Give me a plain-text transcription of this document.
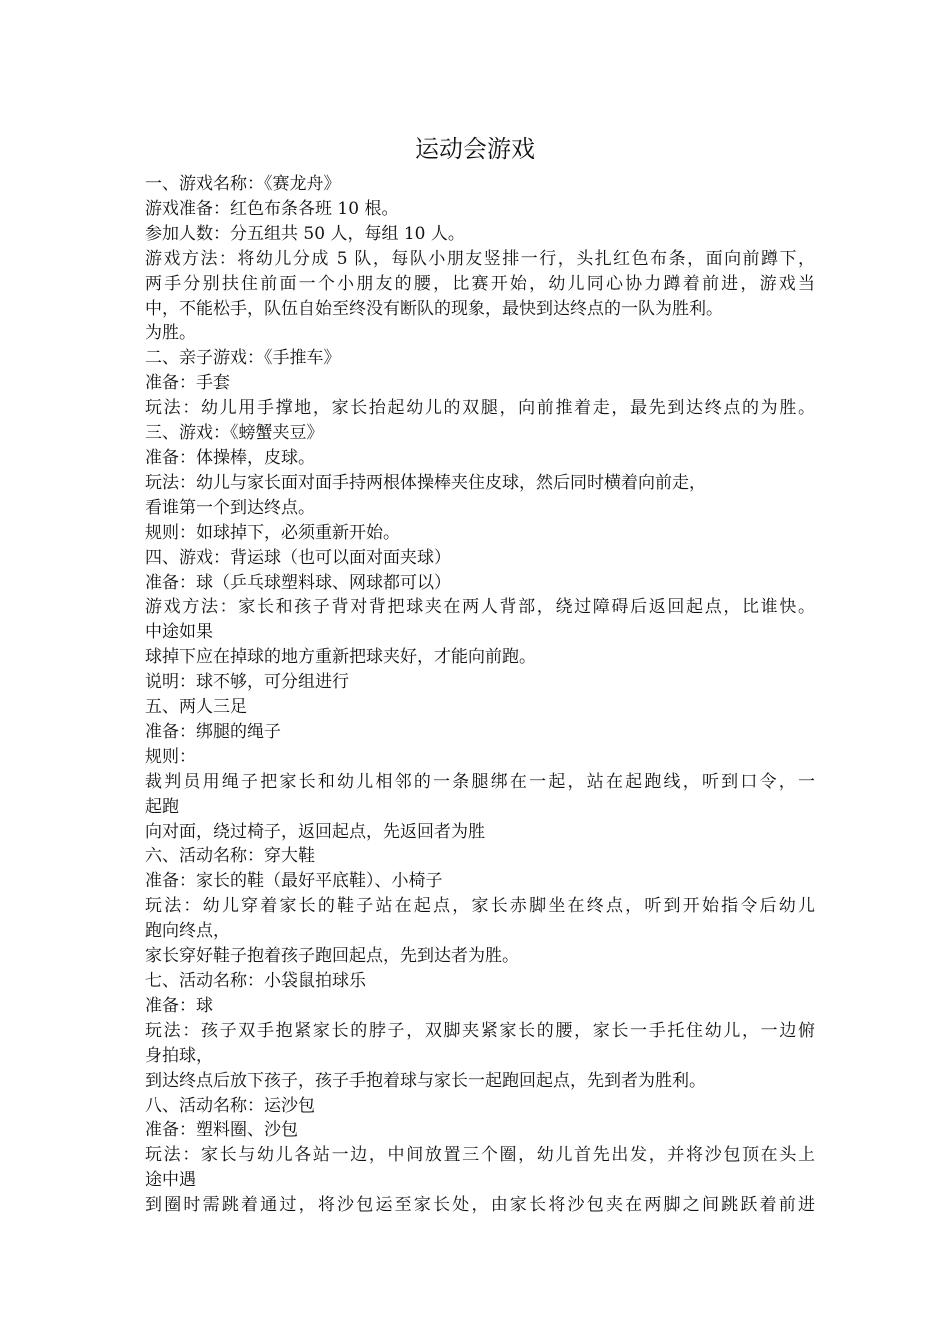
运动会游戏
一、游戏名称：《赛龙舟》
游戏准备：红色布条各班 10 根。
参加人数：分五组共 50 人，每组 10 人。
游戏方法：将幼儿分成 5 队，每队小朋友竖排一行，头扎红色布条，面向前蹲下，
两手分别扶住前面一个小朋友的腰，比赛开始，幼儿同心协力蹲着前进，游戏当
中，不能松手，队伍自始至终没有断队的现象，最快到达终点的一队为胜利。
为胜。
二、亲子游戏：《手推车》
准备：手套
玩法：幼儿用手撑地，家长抬起幼儿的双腿，向前推着走，最先到达终点的为胜。
三、游戏：《螃蟹夹豆》
准备：体操棒，皮球。
玩法：幼儿与家长面对面手持两根体操棒夹住皮球，然后同时横着向前走，
看谁第一个到达终点。
规则：如球掉下，必须重新开始。
四、游戏：背运球（也可以面对面夹球）
准备：球（乒乓球塑料球、网球都可以）
游戏方法：家长和孩子背对背把球夹在两人背部，绕过障碍后返回起点，比谁快。
中途如果
球掉下应在掉球的地方重新把球夹好，才能向前跑。
说明：球不够，可分组进行
五、两人三足
准备：绑腿的绳子
规则：
裁判员用绳子把家长和幼儿相邻的一条腿绑在一起，站在起跑线，听到口令，一
起跑
向对面，绕过椅子，返回起点，先返回者为胜
六、活动名称：穿大鞋
准备：家长的鞋（最好平底鞋）、小椅子
玩法：幼儿穿着家长的鞋子站在起点，家长赤脚坐在终点，听到开始指令后幼儿
跑向终点，
家长穿好鞋子抱着孩子跑回起点，先到达者为胜。
七、活动名称：小袋鼠拍球乐
准备：球
玩法：孩子双手抱紧家长的脖子，双脚夹紧家长的腰，家长一手托住幼儿，一边俯
身拍球，
到达终点后放下孩子，孩子手抱着球与家长一起跑回起点，先到者为胜利。
八、活动名称：运沙包
准备：塑料圈、沙包
玩法：家长与幼儿各站一边，中间放置三个圈，幼儿首先出发，并将沙包顶在头上
途中遇
到圈时需跳着通过，将沙包运至家长处，由家长将沙包夹在两脚之间跳跃着前进
